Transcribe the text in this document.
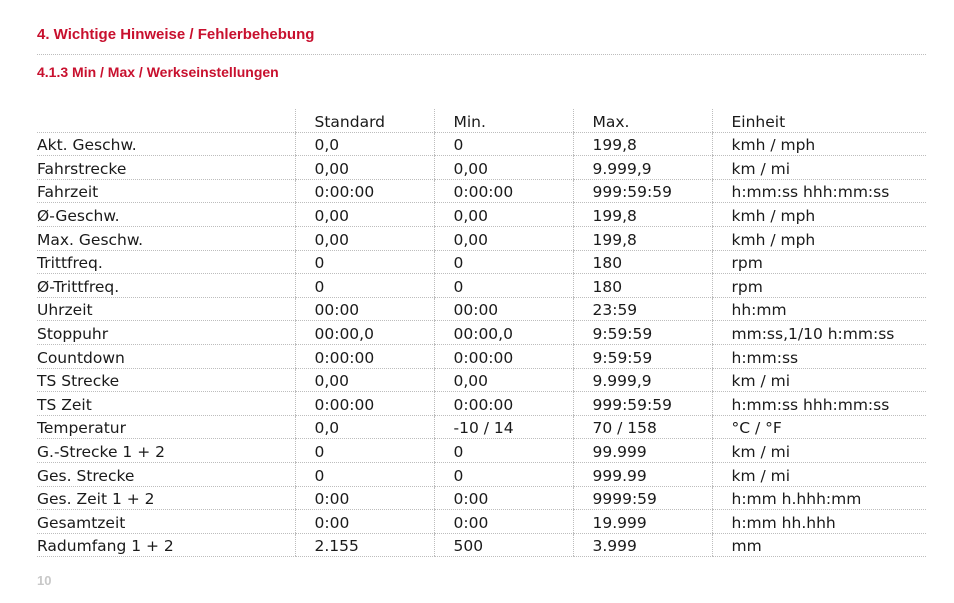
4. Wichtige Hinweise / Fehlerbehebung
4.1.3 Min / Max / Werkseinstellungen
	Standard	Min.	Max.	Einheit
Akt. Geschw.	0,0	0	199,8	kmh / mph
Fahrstrecke	0,00	0,00	9.999,9	km / mi
Fahrzeit	0:00:00	0:00:00	999:59:59	h:mm:ss hhh:mm:ss
Ø-Geschw.	0,00	0,00	199,8	kmh / mph
Max. Geschw.	0,00	0,00	199,8	kmh / mph
Trittfreq.	0	0	180	rpm
Ø-Trittfreq.	0	0	180	rpm
Uhrzeit	00:00	00:00	23:59	hh:mm
Stoppuhr	00:00,0	00:00,0	9:59:59	mm:ss,1/10 h:mm:ss
Countdown	0:00:00	0:00:00	9:59:59	h:mm:ss
TS Strecke	0,00	0,00	9.999,9	km / mi
TS Zeit	0:00:00	0:00:00	999:59:59	h:mm:ss hhh:mm:ss
Temperatur	0,0	-10 / 14	70 / 158	°C / °F
G.-Strecke 1 + 2	0	0	99.999	km / mi
Ges. Strecke	0	0	999.99	km / mi
Ges. Zeit 1 + 2	0:00	0:00	9999:59	h:mm h.hhh:mm
Gesamtzeit	0:00	0:00	19.999	h:mm hh.hhh
Radumfang 1 + 2	2.155	500	3.999	mm
10
